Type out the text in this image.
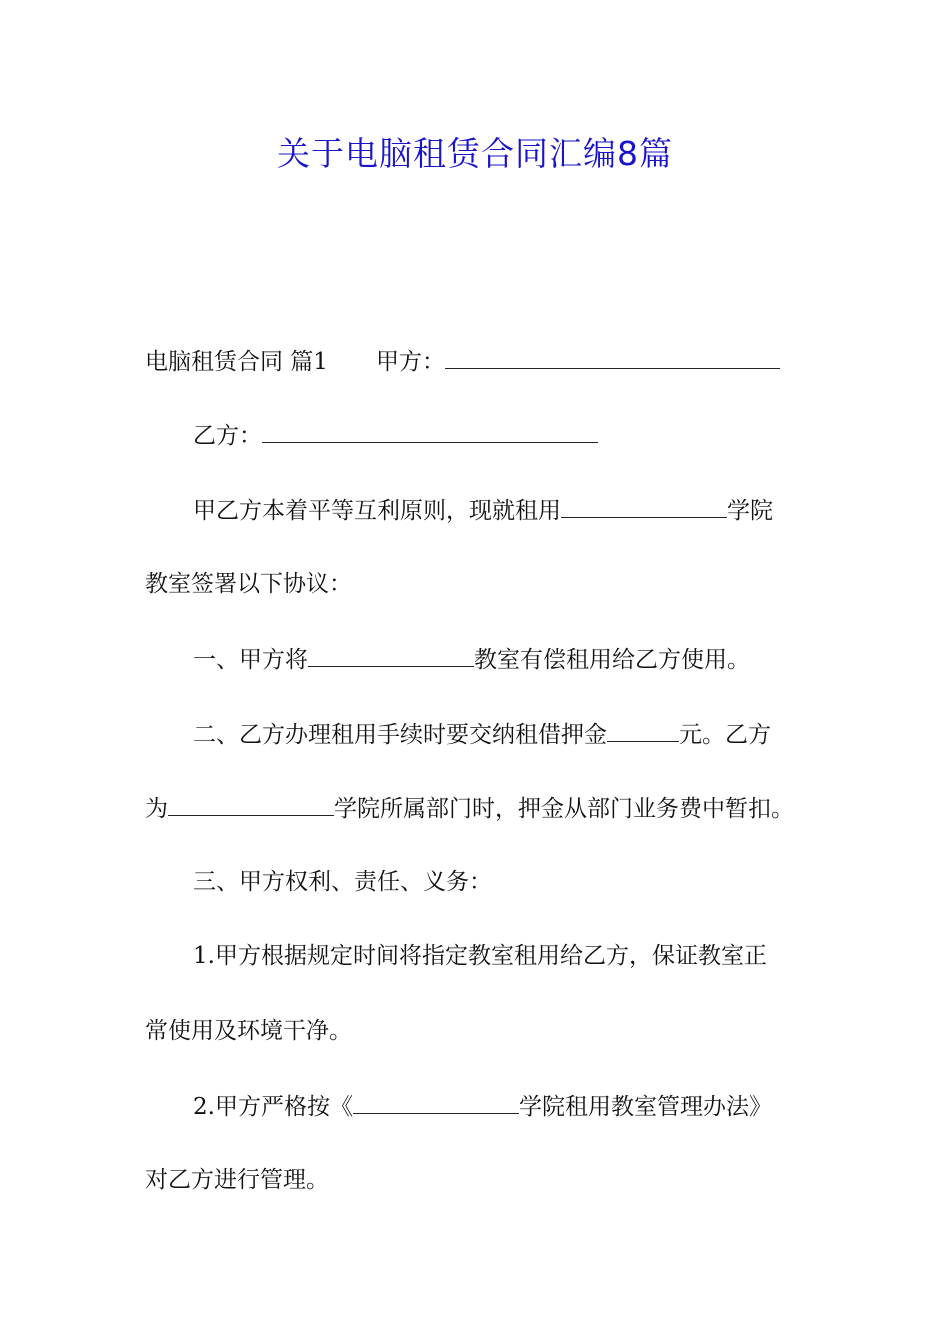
关于电脑租赁合同汇编8篇
电脑租赁合同 篇1 甲方：
乙方：
甲乙方本着平等互利原则，现就租用	学院
教室签署以下协议：
一、甲方将	教室有偿租用给乙方使用。
二、乙方办理租用手续时要交纳租借押金	元。乙方
为	学院所属部门时，押金从部门业务费中暂扣。
三、甲方权利、责任、义务：
1.甲方根据规定时间将指定教室租用给乙方，保证教室正
常使用及环境干净。
2.甲方严格按《	学院租用教室管理办法》
对乙方进行管理。
